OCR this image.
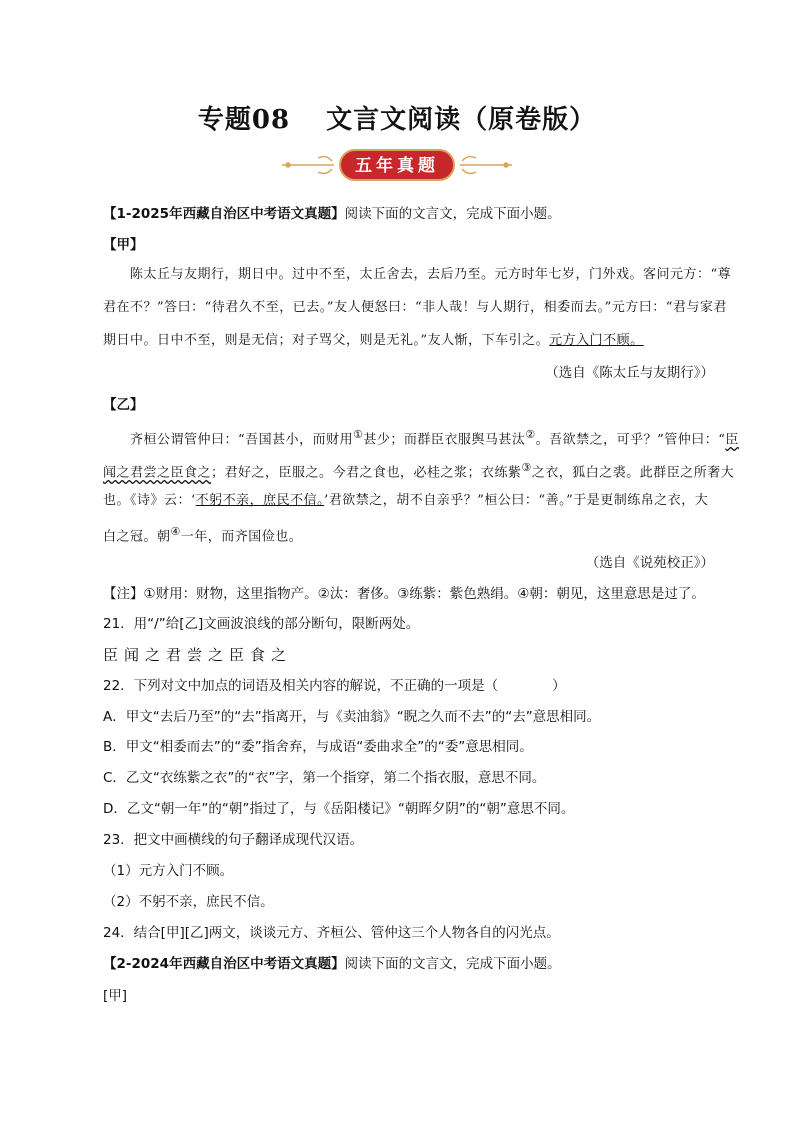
专题08 文言文阅读（原卷版）
五年真题
【1-2025年西藏自治区中考语文真题】阅读下面的文言文，完成下面小题。
【甲】
陈太丘与友期行，期日中。过中不至，太丘舍去，去后乃至。元方时年七岁，门外戏。客问元方：“尊
君在不？”答曰：“待君久不至，已去。”友人便怒曰：“非人哉！与人期行，相委而去。”元方曰：“君与家君
期日中。日中不至，则是无信；对子骂父，则是无礼。”友人惭，下车引之。元方入门不顾。
（选自《陈太丘与友期行》）
【乙】
齐桓公谓管仲曰：“吾国甚小，而财用①甚少；而群臣衣服舆马甚汰②。吾欲禁之，可乎？”管仲曰：“臣
闻之君尝之臣食之；君好之，臣服之。今君之食也，必桂之浆；衣练紫③之衣，狐白之裘。此群臣之所奢大
也。《诗》云：‘不躬不亲，庶民不信。’君欲禁之，胡不自亲乎？”桓公曰：“善。”于是更制练帛之衣，大
白之冠。朝④一年，而齐国俭也。
（选自《说苑校正》）
【注】①财用：财物，这里指物产。②汰：奢侈。③练紫：紫色熟绢。④朝：朝见，这里意思是过了。
21．用“/”给[乙]文画波浪线的部分断句，限断两处。
臣闻之君尝之臣食之
22．下列对文中加点的词语及相关内容的解说，不正确的一项是（　　　　）
A．甲文“去后乃至”的“去”指离开，与《卖油翁》“睨之久而不去”的“去”意思相同。
B．甲文“相委而去”的“委”指舍弃，与成语“委曲求全”的“委”意思相同。
C．乙文“衣练紫之衣”的“衣”字，第一个指穿，第二个指衣服，意思不同。
D．乙文“朝一年”的“朝”指过了，与《岳阳楼记》“朝晖夕阴”的“朝”意思不同。
23．把文中画横线的句子翻译成现代汉语。
（1）元方入门不顾。
（2）不躬不亲，庶民不信。
24．结合[甲][乙]两文，谈谈元方、齐桓公、管仲这三个人物各自的闪光点。
【2-2024年西藏自治区中考语文真题】阅读下面的文言文，完成下面小题。
[甲]
